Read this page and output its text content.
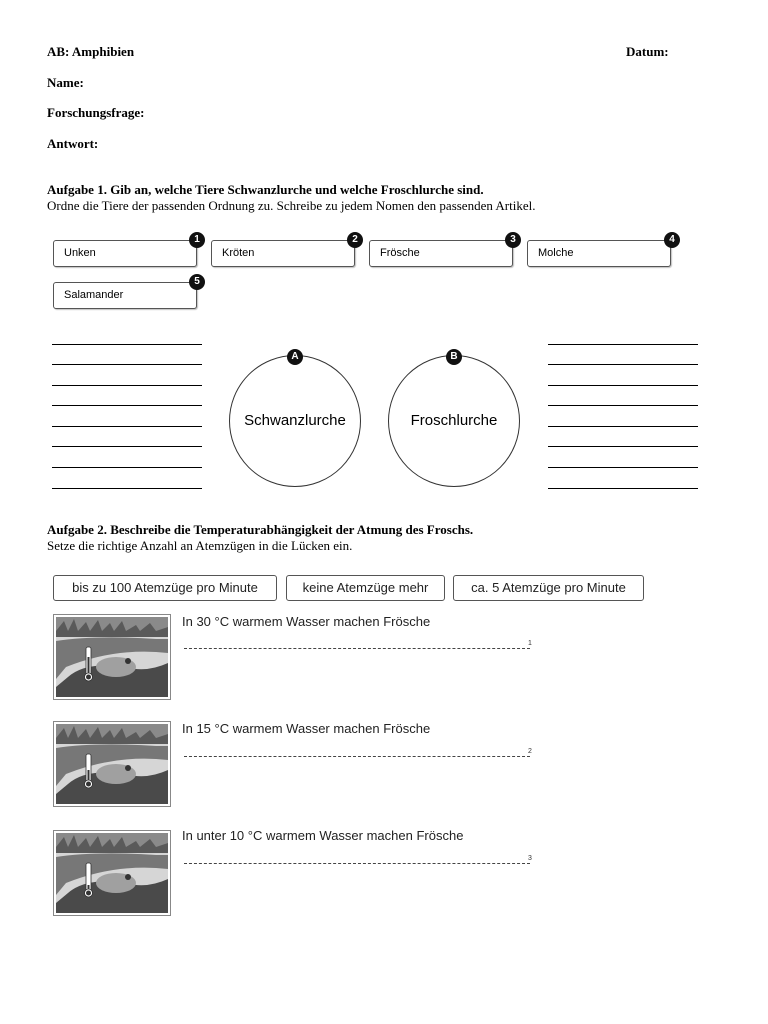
AB: Amphibien	Datum:
Name:
Forschungsfrage:
Antwort:
Aufgabe 1. Gib an, welche Tiere Schwanzlurche und welche Froschlurche sind.
Ordne die Tiere der passenden Ordnung zu. Schreibe zu jedem Nomen den passenden Artikel.
Unken
1
Kröten
2
Frösche
3
Molche
4
Salamander
5
Schwanzlurche
A
Froschlurche
B
Aufgabe 2. Beschreibe die Temperaturabhängigkeit der Atmung des Froschs.
Setze die richtige Anzahl an Atemzügen in die Lücken ein.
bis zu 100 Atemzüge pro Minute	keine Atemzüge mehr	ca. 5 Atemzüge pro Minute
In 30 °C warmem Wasser machen Frösche
1
In 15 °C warmem Wasser machen Frösche
2
In unter 10 °C warmem Wasser machen Frösche
3
